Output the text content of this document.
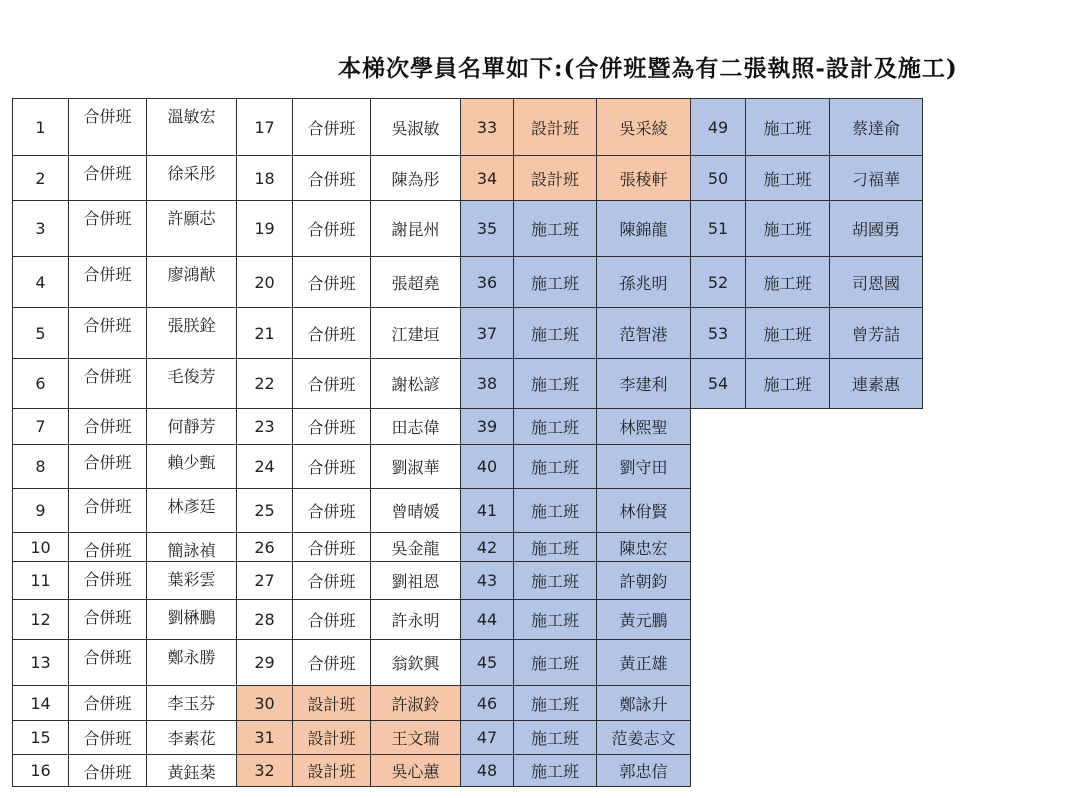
本梯次學員名單如下:(合併班暨為有二張執照-設計及施工)
1	合併班	溫敏宏	17	合併班	吳淑敏	33	設計班	吳采綾	49	施工班	蔡達俞
2	合併班	徐采彤	18	合併班	陳為彤	34	設計班	張稜軒	50	施工班	刁福華
3	合併班	許願芯	19	合併班	謝昆州	35	施工班	陳錦龍	51	施工班	胡國勇
4	合併班	廖鴻猷	20	合併班	張超堯	36	施工班	孫兆明	52	施工班	司恩國
5	合併班	張朕銓	21	合併班	江建垣	37	施工班	范智港	53	施工班	曾芳詰
6	合併班	毛俊芳	22	合併班	謝松諺	38	施工班	李建利	54	施工班	連素惠
7	合併班	何靜芳	23	合併班	田志偉	39	施工班	林熙聖			
8	合併班	賴少甄	24	合併班	劉淑華	40	施工班	劉守田			
9	合併班	林彥廷	25	合併班	曾晴媛	41	施工班	林佾賢			
10	合併班	簡詠禎	26	合併班	吳金龍	42	施工班	陳忠宏			
11	合併班	葉彩雲	27	合併班	劉祖恩	43	施工班	許朝鈞			
12	合併班	劉楙鵬	28	合併班	許永明	44	施工班	黃元鵬			
13	合併班	鄭永勝	29	合併班	翁欽興	45	施工班	黃正雄			
14	合併班	李玉芬	30	設計班	許淑鈴	46	施工班	鄭詠升			
15	合併班	李素花	31	設計班	王文瑞	47	施工班	范姜志文			
16	合併班	黃鈺棻	32	設計班	吳心蕙	48	施工班	郭忠信			
